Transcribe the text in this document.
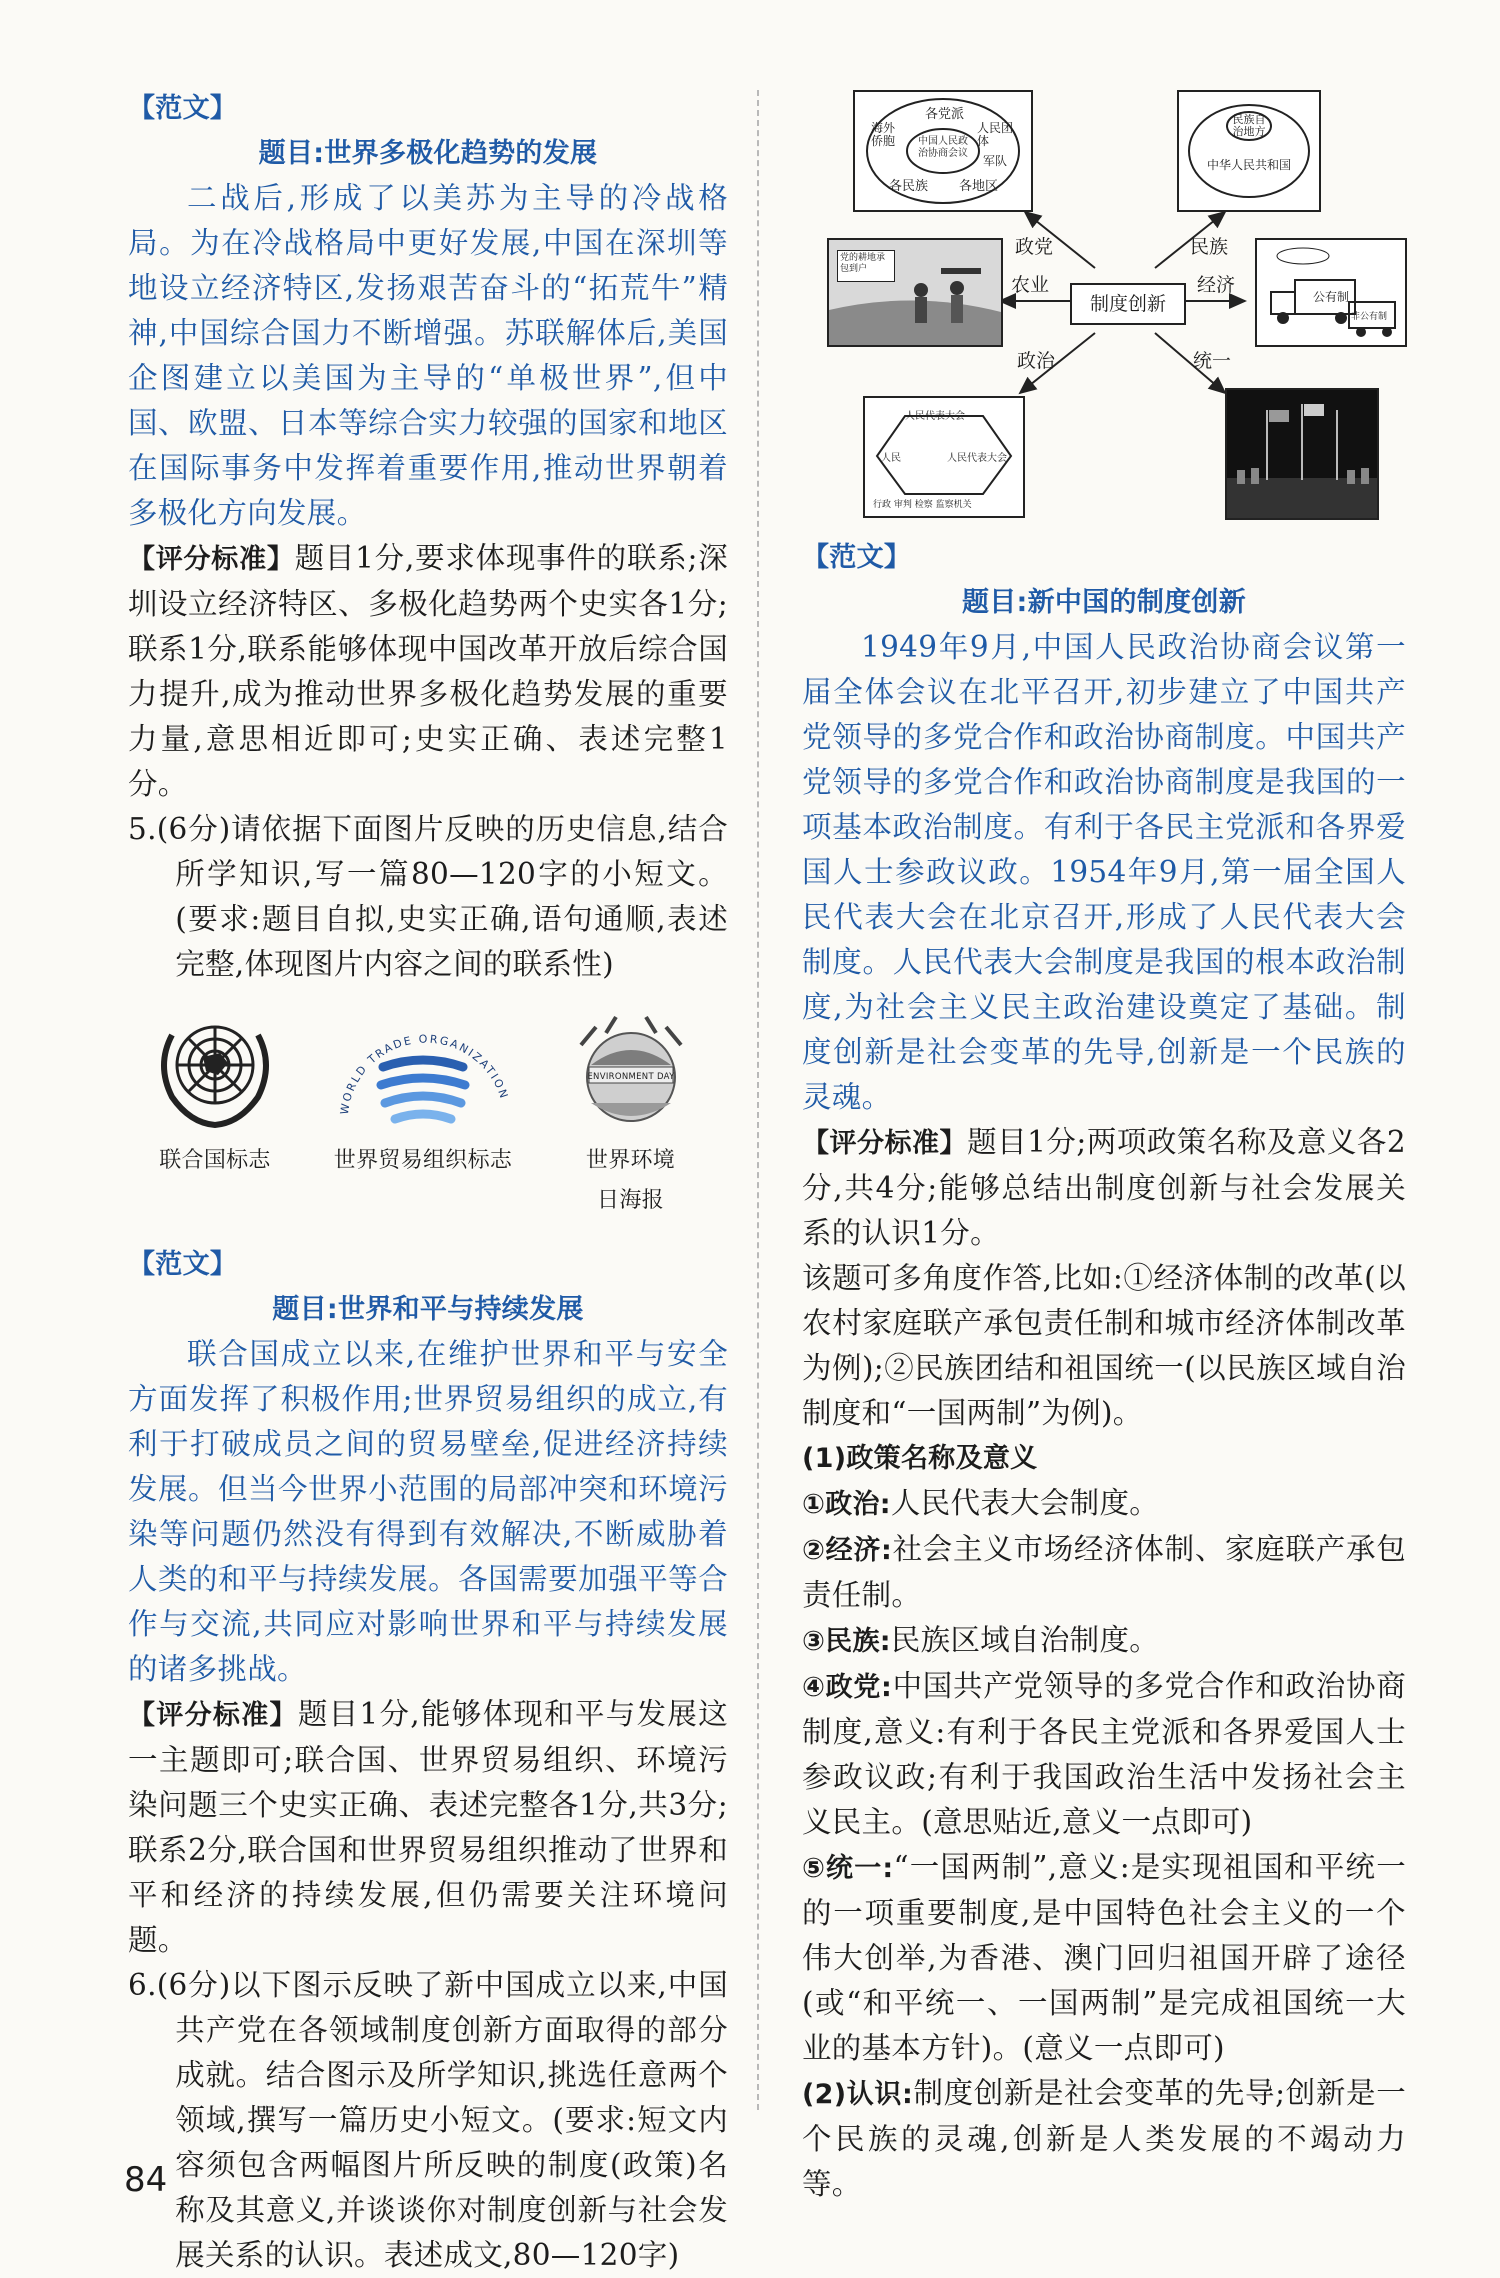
【范文】
题目:世界多极化趋势的发展

二战后,形成了以美苏为主导的冷战格局。为在冷战格局中更好发展,中国在深圳等地设立经济特区,发扬艰苦奋斗的“拓荒牛”精神,中国综合国力不断增强。苏联解体后,美国企图建立以美国为主导的“单极世界”,但中国、欧盟、日本等综合实力较强的国家和地区在国际事务中发挥着重要作用,推动世界朝着多极化方向发展。

【评分标准】题目1分,要求体现事件的联系;深圳设立经济特区、多极化趋势两个史实各1分;联系1分,联系能够体现中国改革开放后综合国力提升,成为推动世界多极化趋势发展的重要力量,意思相近即可;史实正确、表述完整1分。

5.(6分)请依据下面图片反映的历史信息,结合所学知识,写一篇80—120字的小短文。(要求:题目自拟,史实正确,语句通顺,表述完整,体现图片内容之间的联系性)

联合国标志
WORLD TRADE ORGANIZATION
世界贸易组织标志
ENVIRONMENT DAY
世界环境日海报
【范文】
题目:世界和平与持续发展

联合国成立以来,在维护世界和平与安全方面发挥了积极作用;世界贸易组织的成立,有利于打破成员之间的贸易壁垒,促进经济持续发展。但当今世界小范围的局部冲突和环境污染等问题仍然没有得到有效解决,不断威胁着人类的和平与持续发展。各国需要加强平等合作与交流,共同应对影响世界和平与持续发展的诸多挑战。

【评分标准】题目1分,能够体现和平与发展这一主题即可;联合国、世界贸易组织、环境污染问题三个史实正确、表述完整各1分,共3分;联系2分,联合国和世界贸易组织推动了世界和平和经济的持续发展,但仍需要关注环境问题。

6.(6分)以下图示反映了新中国成立以来,中国共产党在各领域制度创新方面取得的部分成就。结合图示及所学知识,挑选任意两个领域,撰写一篇历史小短文。(要求:短文内容须包含两幅图片所反映的制度(政策)名称及其意义,并谈谈你对制度创新与社会发展关系的认识。表述成文,80—120字)

制度创新
政党	民族
农业	经济
政治	统一
中国人民政治协商会议
各党派
人民团体
各地区
各民族
海外侨胞
军队
民族自治地方
中华人民共和国
党的耕地承包到户
公有制
非公有制
人民代表大会
人民	人民代表大会
行政 审判 检察 监察机关
【范文】
题目:新中国的制度创新

1949年9月,中国人民政治协商会议第一届全体会议在北平召开,初步建立了中国共产党领导的多党合作和政治协商制度。中国共产党领导的多党合作和政治协商制度是我国的一项基本政治制度。有利于各民主党派和各界爱国人士参政议政。1954年9月,第一届全国人民代表大会在北京召开,形成了人民代表大会制度。人民代表大会制度是我国的根本政治制度,为社会主义民主政治建设奠定了基础。制度创新是社会变革的先导,创新是一个民族的灵魂。

【评分标准】题目1分;两项政策名称及意义各2分,共4分;能够总结出制度创新与社会发展关系的认识1分。

该题可多角度作答,比如:①经济体制的改革(以农村家庭联产承包责任制和城市经济体制改革为例);②民族团结和祖国统一(以民族区域自治制度和“一国两制”为例)。

(1)政策名称及意义

①政治:人民代表大会制度。

②经济:社会主义市场经济体制、家庭联产承包责任制。

③民族:民族区域自治制度。

④政党:中国共产党领导的多党合作和政治协商制度,意义:有利于各民主党派和各界爱国人士参政议政;有利于我国政治生活中发扬社会主义民主。(意思贴近,意义一点即可)

⑤统一:“一国两制”,意义:是实现祖国和平统一的一项重要制度,是中国特色社会主义的一个伟大创举,为香港、澳门回归祖国开辟了途径(或“和平统一、一国两制”是完成祖国统一大业的基本方针)。(意义一点即可)

(2)认识:制度创新是社会变革的先导;创新是一个民族的灵魂,创新是人类发展的不竭动力等。

84
